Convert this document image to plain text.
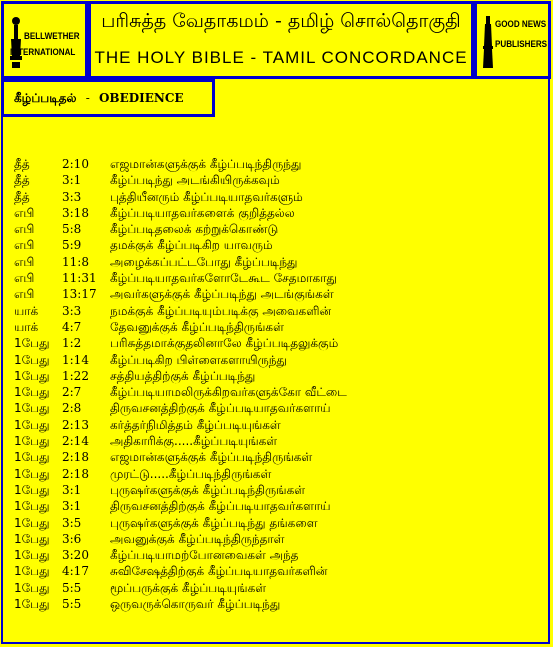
BELLWETHER
INTERNATIONAL
பரிசுத்த வேதாகமம் - தமிழ் சொல்தொகுதி
THE HOLY BIBLE - TAMIL CONCORDANCE
GOOD NEWS
PUBLISHERS
கீழ்ப்படிதல் - OBEDIENCE
தீத்	2:10 எஜமான்களுக்குக் கீழ்ப்படிந்திருந்து
தீத்	3:1 கீழ்ப்படிந்து அடங்கியிருக்கவும்
தீத்	3:3 புத்தியீனரும் கீழ்ப்படியாதவர்களும்
எபி 3:18 கீழ்ப்படியாதவர்களைக் குறித்தல்ல
எபி 5:8 கீழ்ப்படிதலைக் கற்றுக்கொண்டு
எபி 5:9 தமக்குக் கீழ்ப்படிகிற யாவரும்
எபி 11:8 அழைக்கப்பட்டபோது கீழ்ப்படிந்து
எபி 11:31 கீழ்ப்படியாதவர்களோடேகூட சேதமாகாது
எபி 13:17 அவர்களுக்குக் கீழ்ப்படிந்து அடங்குங்கள்
யாக் 3:3 நமக்குக் கீழ்ப்படியும்படிக்கு அவைகளின்
யாக் 4:7 தேவனுக்குக் கீழ்ப்படிந்திருங்கள்
1பேது 1:2 பரிசுத்தமாக்குதலினாலே கீழ்ப்படிதலுக்கும்
1பேது 1:14 கீழ்ப்படிகிற பிள்ளைகளாயிருந்து
1பேது 1:22 சத்தியத்திற்குக் கீழ்ப்படிந்து
1பேது 2:7 கீழ்ப்படியாமலிருக்கிறவர்களுக்கோ வீட்டை
1பேது 2:8 திருவசனத்திற்குக் கீழ்ப்படியாதவர்களாய்
1பேது 2:13 கர்த்தர்நிமித்தம் கீழ்ப்படியுங்கள்
1பேது 2:14 அதிகாரிக்கு.....கீழ்ப்படியுங்கள்
1பேது 2:18 எஜமான்களுக்குக் கீழ்ப்படிந்திருங்கள்
1பேது 2:18 முரட்டு.....கீழ்ப்படிந்திருங்கள்
1பேது 3:1 புருஷர்களுக்குக் கீழ்ப்படிந்திருங்கள்
1பேது 3:1 திருவசனத்திற்குக் கீழ்ப்படியாதவர்களாய்
1பேது 3:5 புருஷர்களுக்குக் கீழ்ப்படிந்து தங்களை
1பேது 3:6 அவனுக்குக் கீழ்ப்படிந்திருந்தாள்
1பேது 3:20 கீழ்ப்படியாமற்போனவைகள் அந்த
1பேது 4:17 சுவிசேஷத்திற்குக் கீழ்ப்படியாதவர்களின்
1பேது 5:5 மூப்பருக்குக் கீழ்ப்படியுங்கள்
1பேது 5:5 ஒருவருக்கொருவர் கீழ்ப்படிந்து
